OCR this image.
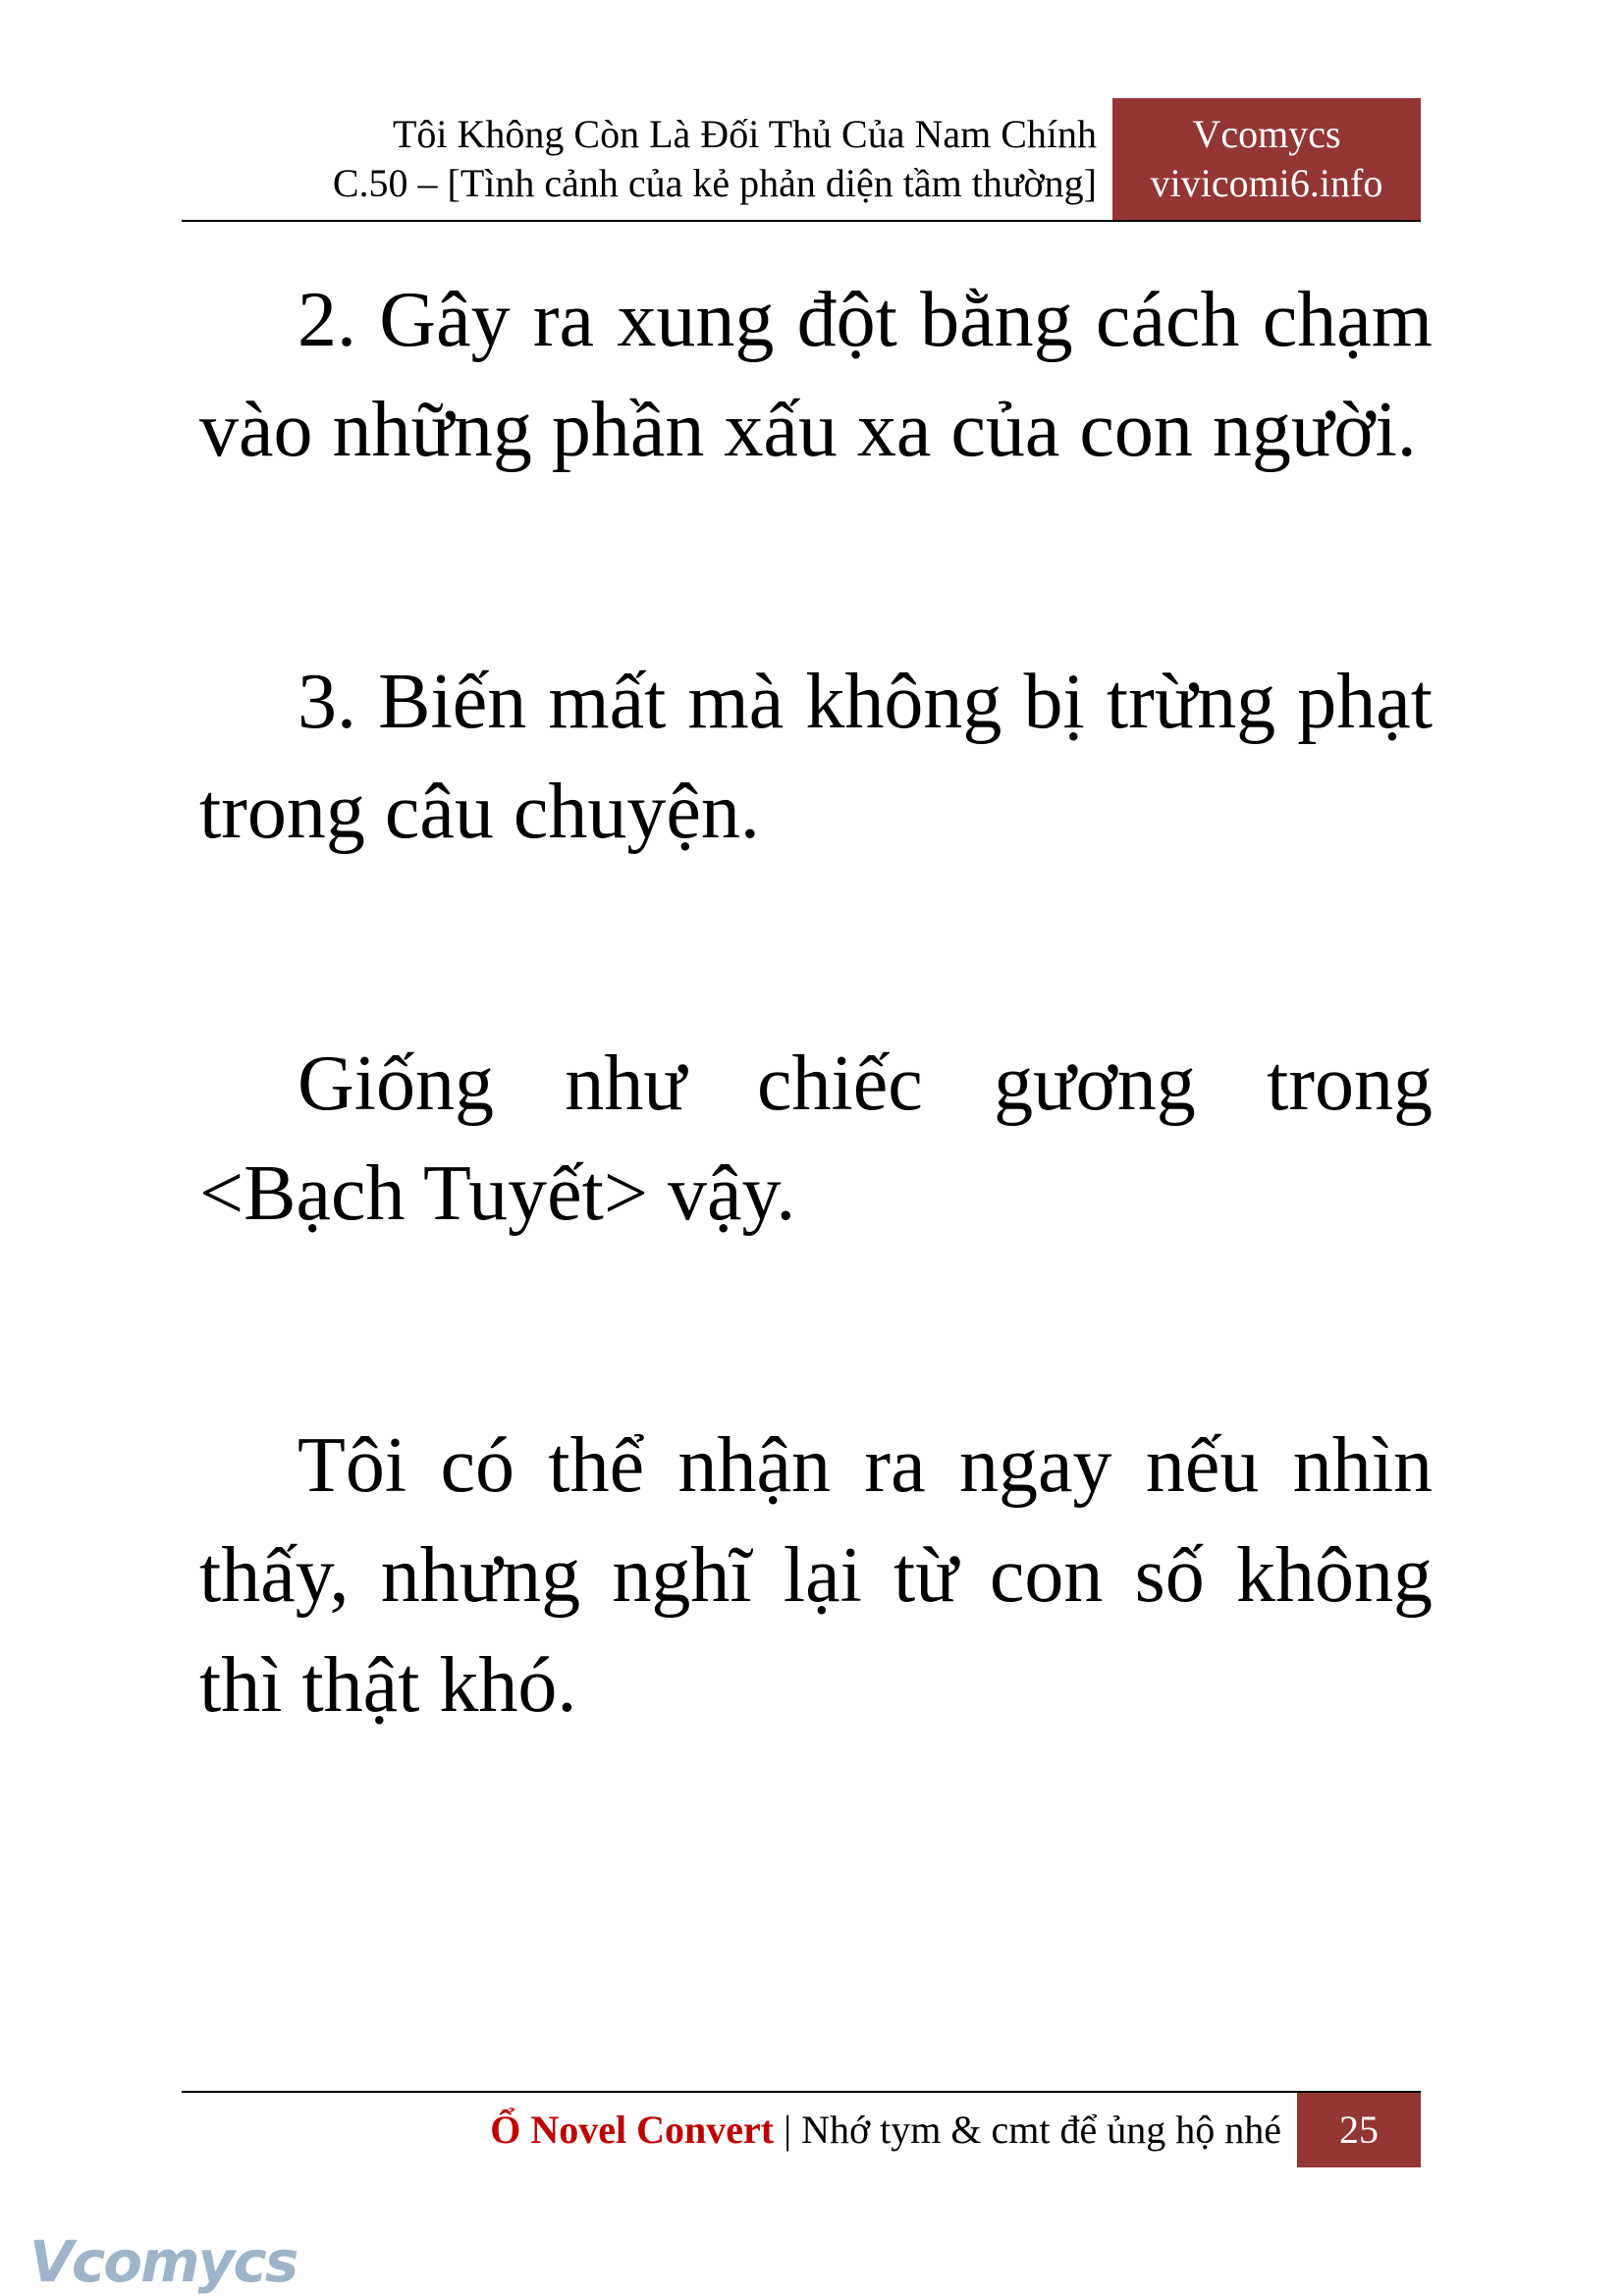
Tôi Không Còn Là Đối Thủ Của Nam Chính
C.50 – [Tình cảnh của kẻ phản diện tầm thường]
Vcomycs
vivicomi6.info

2. Gây ra xung đột bằng cách chạm vào những phần xấu xa của con người.

3. Biến mất mà không bị trừng phạt trong câu chuyện.

Giống như chiếc gương trong <Bạch Tuyết> vậy.

Tôi có thể nhận ra ngay nếu nhìn thấy, nhưng nghĩ lại từ con số không thì thật khó.

Ổ Novel Convert | Nhớ tym & cmt để ủng hộ nhé	25
Vcomycs
